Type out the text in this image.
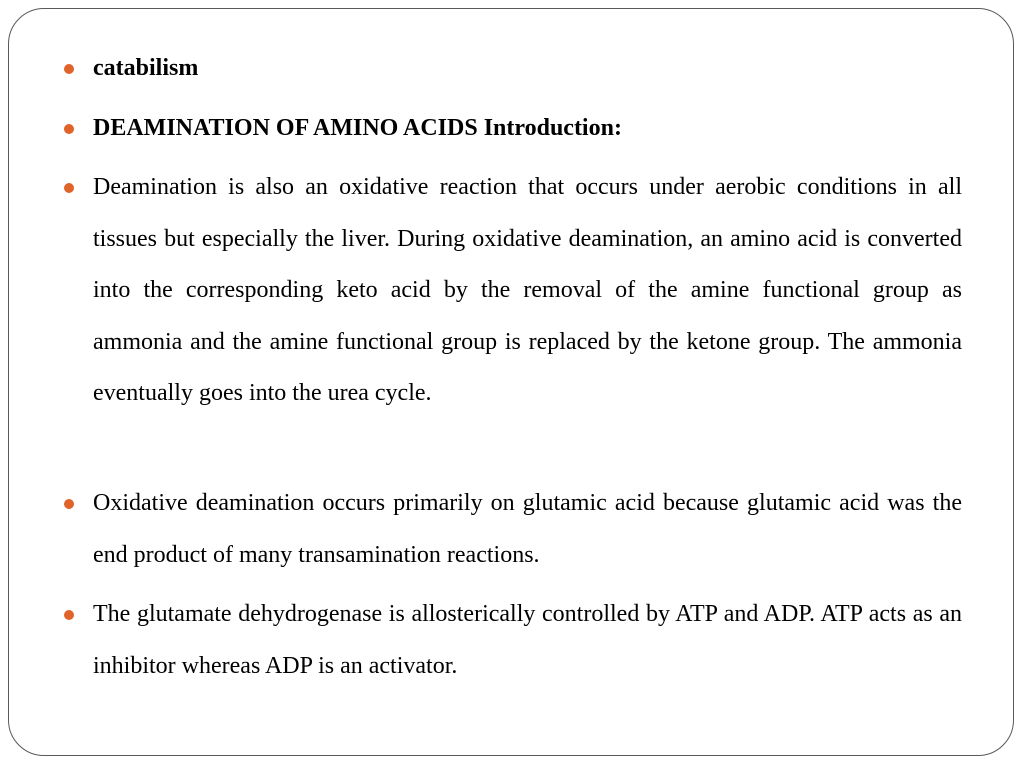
catabilism
DEAMINATION OF AMINO ACIDS Introduction:
Deamination is also an oxidative reaction that occurs under aerobic conditions in all tissues but especially the liver. During oxidative deamination, an amino acid is converted into the corresponding keto acid by the removal of the amine functional group as ammonia and the amine functional group is replaced by the ketone group. The ammonia eventually goes into the urea cycle.
Oxidative deamination occurs primarily on glutamic acid because glutamic acid was the end product of many transamination reactions.
The glutamate dehydrogenase is allosterically controlled by ATP and ADP. ATP acts as an inhibitor whereas ADP is an activator.
